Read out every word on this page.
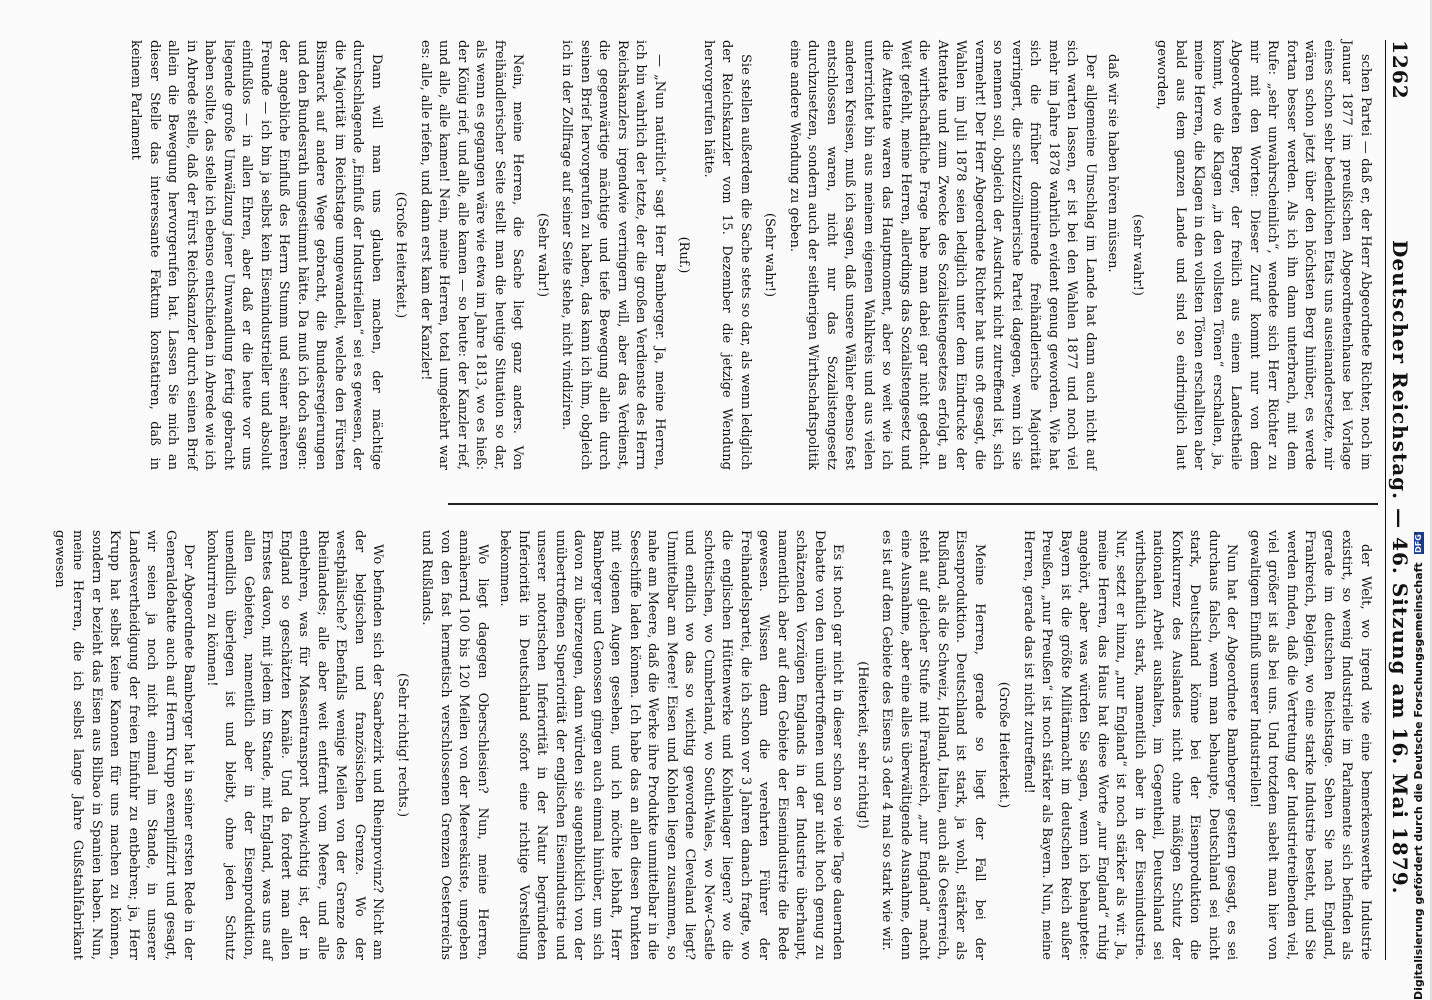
1262
Deutscher Reichstag. — 46. Sitzung am 16. Mai 1879.

schen Partei — daß er, der Herr Abgeordnete Richter, noch im Januar 1877 im preußischen Abgeordnetenhause bei Vorlage eines schon sehr bedenklichen Etats uns auseinandersetzte, mir wären schon jetzt über den höchsten Berg hinüber, es werde fortan besser werden. Als ich ihn dann unterbrach, mit dem Rufe: „sehr unwahrscheinlich“, wendete sich Herr Richter zu mir mit den Worten: Dieser Zuruf kommt nur von dem Abgeordneten Berger, der freilich aus einem Landestheile kommt, wo die Klagen „in den vollsten Tönen“ erschallen, ja, meine Herren, die Klagen in den vollsten Tönen erschallten aber bald aus dem ganzen Lande und sind so eindringlich laut geworden,

(sehr wahr!)

daß wir sie haben hören müssen.

Der allgemeine Umschlag im Lande hat dann auch nicht auf sich warten lassen, er ist bei den Wahlen 1877 und noch viel mehr im Jahre 1878 wahrlich evident genug geworden. Wie hat sich die früher dominirende freihändlerische Majorität verringert, die schutzzöllnerische Partei dagegen, wenn ich sie so nennen soll, obgleich der Ausdruck nicht zutreffend ist, sich vermehrt! Der Herr Abgeordnete Richter hat uns oft gesagt, die Wahlen im Juli 1878 seien lediglich unter dem Eindrucke der Attentate und zum Zwecke des Sozialistengesetzes erfolgt, an die wirthschaftliche Frage habe man dabei gar nicht gedacht. Weit gefehlt, meine Herren, allerdings das Sozialistengesetz und die Attentate waren das Hauptmoment, aber so weit wie ich unterrichtet bin aus meinem eigenen Wahlkreis und aus vielen anderen Kreisen, muß ich sagen, daß unsere Wähler ebenso fest entschlossen waren, nicht nur das Sozialistengesetz durchzusetzen, sondern auch der seitherigen Wirthschaftspolitik eine andere Wendung zu geben.

(Sehr wahr!)

Sie stellen außerdem die Sache stets so dar, als wenn lediglich der Reichskanzler vom 15. Dezember die jetzige Wendung hervorgerufen hätte.

(Ruf.)

— „Nun natürlich“ sagt Herr Bamberger. Ja, meine Herren, ich bin wahrlich der letzte, der die großen Verdienste des Herrn Reichskanzlers irgendwie verringern will, aber das Verdienst, die gegenwärtige mächtige und tiefe Bewegung allein durch seinen Brief hervorgerufen zu haben, das kann ich ihm, obgleich ich in der Zollfrage auf seiner Seite stehe, nicht vindiziren.

(Sehr wahr!)

Nein, meine Herren, die Sache liegt ganz anders. Von freihändlerischer Seite stellt man die heutige Situation so dar, als wenn es gegangen wäre wie etwa im Jahre 1813, wo es hieß: der König rief, und alle, alle kamen — so heute: der Kanzler rief, und alle, alle kamen! Nein, meine Herren, total umgekehrt war es: alle, alle riefen, und dann erst kam der Kanzler!

(Große Heiterkeit.)

Dann will man uns glauben machen, der mächtige durchschlagende „Einfluß der Industriellen“ sei es gewesen, der die Majorität im Reichstage umgewandelt, welche den Fürsten Bismarck auf andere Wege gebracht, die Bundesregierungen und den Bundesrath umgestimmt hätte. Da muß ich doch sagen: der angebliche Einfluß des Herrn Stumm und seiner näheren Freunde — ich bin ja selbst kein Eisenindustrieller und absolut einflußlos — in allen Ehren, aber daß er die heute vor uns liegende große Umwälzung jener Umwandlung fertig gebracht haben sollte, das stelle ich ebenso entschieden in Abrede wie ich in Abrede stelle, daß der Fürst Reichskanzler durch seinen Brief allein die Bewegung hervorgerufen hat. Lassen Sie mich an dieser Stelle das interessante Faktum konstatiren, daß in keinem Parlament

der Welt, wo irgend wie eine bemerkenswerthe Industrie existirt, so wenig Industrielle im Parlamente sich befinden als gerade im deutschen Reichstage. Sehen Sie nach England, Frankreich, Belgien, wo eine starke Industrie besteht, und Sie werden finden, daß die Vertretung der Industrietreibenden viel, viel größer ist als bei uns. Und trotzdem sabelt man hier von gewaltigem Einfluß unserer Industriellen!

Nun hat der Abgeordnete Bamberger gestern gesagt, es sei durchaus falsch, wenn man behaupte, Deutschland sei nicht stark, Deutschland könne bei der Eisenproduktion die Konkurrenz des Auslandes nicht ohne mäßigen Schutz der nationalen Arbeit aushalten, im Gegentheil, Deutschland sei wirthschaftlich stark, namentlich aber in der Eisenindustrie. Nur, setzt er hinzu, „nur England“ ist noch stärker als wir. Ja, meine Herren, das Haus hat diese Worte „nur England“ ruhig angehört, aber was würden Sie sagen, wenn ich behauptete: Bayern ist die größte Militärmacht im deutschen Reich außer Preußen, „nur Preußen“ ist noch stärker als Bayern. Nun, meine Herren, gerade das ist nicht zutreffend!

(Große Heiterkeit.)

Meine Herren, gerade so liegt der Fall bei der Eisenproduktion. Deutschland ist stark, ja wohl, stärker als Rußland, als die Schweiz, Holland, Italien, auch als Oesterreich, steht auf gleicher Stufe mit Frankreich, „nur England“ macht eine Ausnahme, aber eine alles überwältigende Ausnahme, denn es ist auf dem Gebiete des Eisens 3 oder 4 mal so stark wie wir.

(Heiterkeit, sehr richtig!)

Es ist noch gar nicht in dieser schon so viele Tage dauernden Debatte von den unübertroffenen und gar nicht hoch genug zu schätzenden Vorzügen Englands in der Industrie überhaupt, namentlich aber auf dem Gebiete der Eisenindustrie die Rede gewesen. Wissen denn die verehrten Führer der Freihandelspartei, die ich schon vor 3 Jahren danach fragte, wo die englischen Hüttenwerke und Kohlenlager liegen? wo die schottischen, wo Cumberland, wo South-Wales, wo New-Castle und endlich wo das so wichtig gewordene Cleveland liegt? Unmittelbar am Meere! Eisen und Kohlen liegen zusammen, so nahe am Meere, daß die Werke ihre Produkte unmittelbar in die Seeschiffe laden können. Ich habe das an allen diesen Punkten mit eigenen Augen gesehen, und ich möchte lebhaft, Herr Bamberger und Genossen gingen auch einmal hinüber, um sich davon zu überzeugen, dann würden sie augenblicklich von der unübertroffenen Superiorität der englischen Eisenindustrie und unserer notorischen Inferiorität in der Natur begründeten Inferiorität in Deutschland sofort eine richtige Vorstellung bekommen.

Wo liegt dagegen Oberschlesien? Nun, meine Herren, annähernd 100 bis 120 Meilen von der Meeresküste, umgeben von den fast hermetisch verschlossenen Grenzen Oesterreichs und Rußlands.

(Sehr richtig! rechts.)

Wo befinden sich der Saarbezirk und Rheinprovinz? Nicht am der belgischen und französischen Grenze. Wo der westphälische? Ebenfalls wenige Meilen von der Grenze des Rheinlandes; alle aber weit entfernt vom Meere, und alle entbehren, was für Massentransport hochwichtig ist, der in England so geschätzten Kanäle. Und da fordert man allen Ernstes davon, mit jedem im Stande, mit England, was uns auf allen Gebieten, namentlich aber in der Eisenproduktion, unendlich überlegen ist und bleibt, ohne jeden Schutz konkurriren zu können!

Der Abgeordnete Bamberger hat in seiner ersten Rede in der Generaldebatte auch auf Herrn Krupp exemplifizirt und gesagt, wir seien ja noch nicht einmal im Stande, in unserer Landesvertheidigung der freien Einfuhr zu entbehren; ja, Herr Krupp hat selbst keine Kanonen für uns machen zu können, sondern er bezieht das Eisen aus Bilbao in Spanien haben. Nun, meine Herren, die ich selbst lange Jahre Gußstahlfabrikant gewesen

Digitalisierung gefördert durch die Deutsche Forschungsgemeinschaft DFG
